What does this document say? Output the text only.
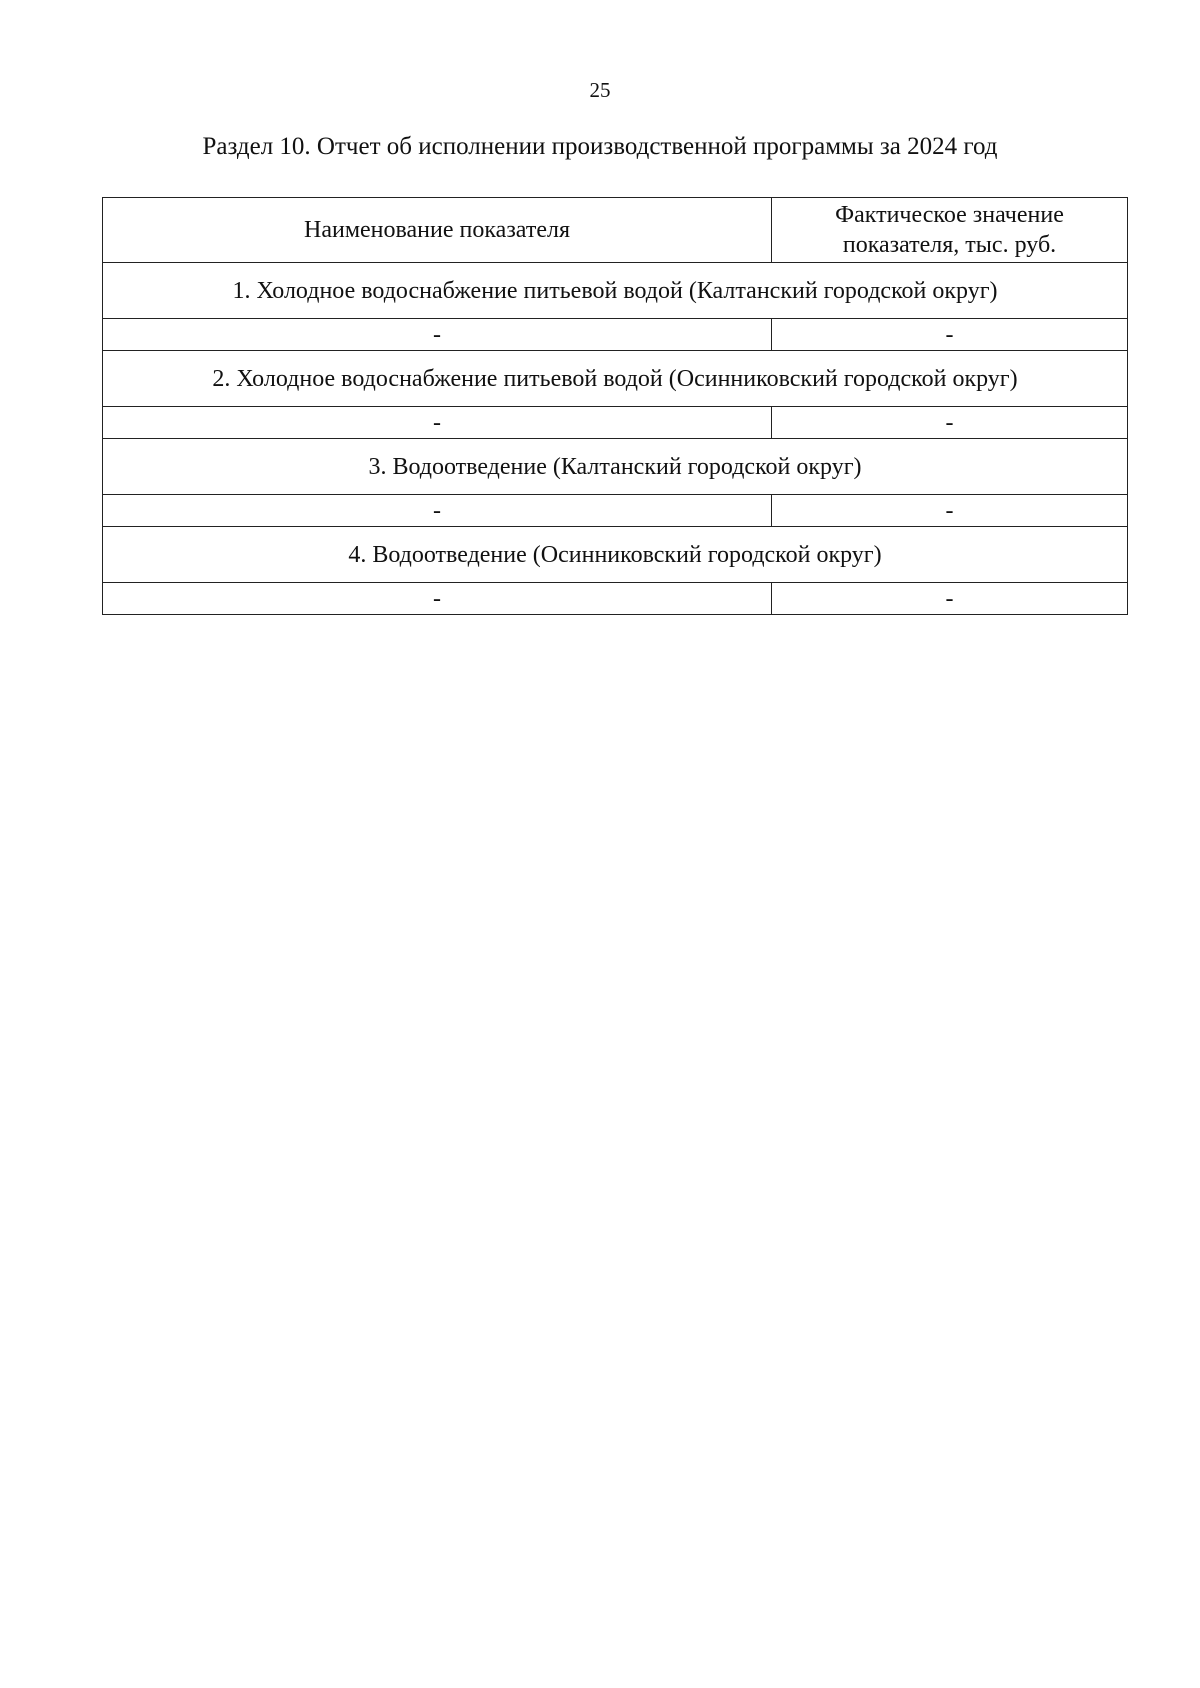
25
Раздел 10. Отчет об исполнении производственной программы за 2024 год
Наименование показателя	Фактическое значение показателя, тыс. руб.
1. Холодное водоснабжение питьевой водой (Калтанский городской округ)	
-	-
2. Холодное водоснабжение питьевой водой (Осинниковский городской округ)	
-	-
3. Водоотведение (Калтанский городской округ)	
-	-
4. Водоотведение (Осинниковский городской округ)	
-	-
